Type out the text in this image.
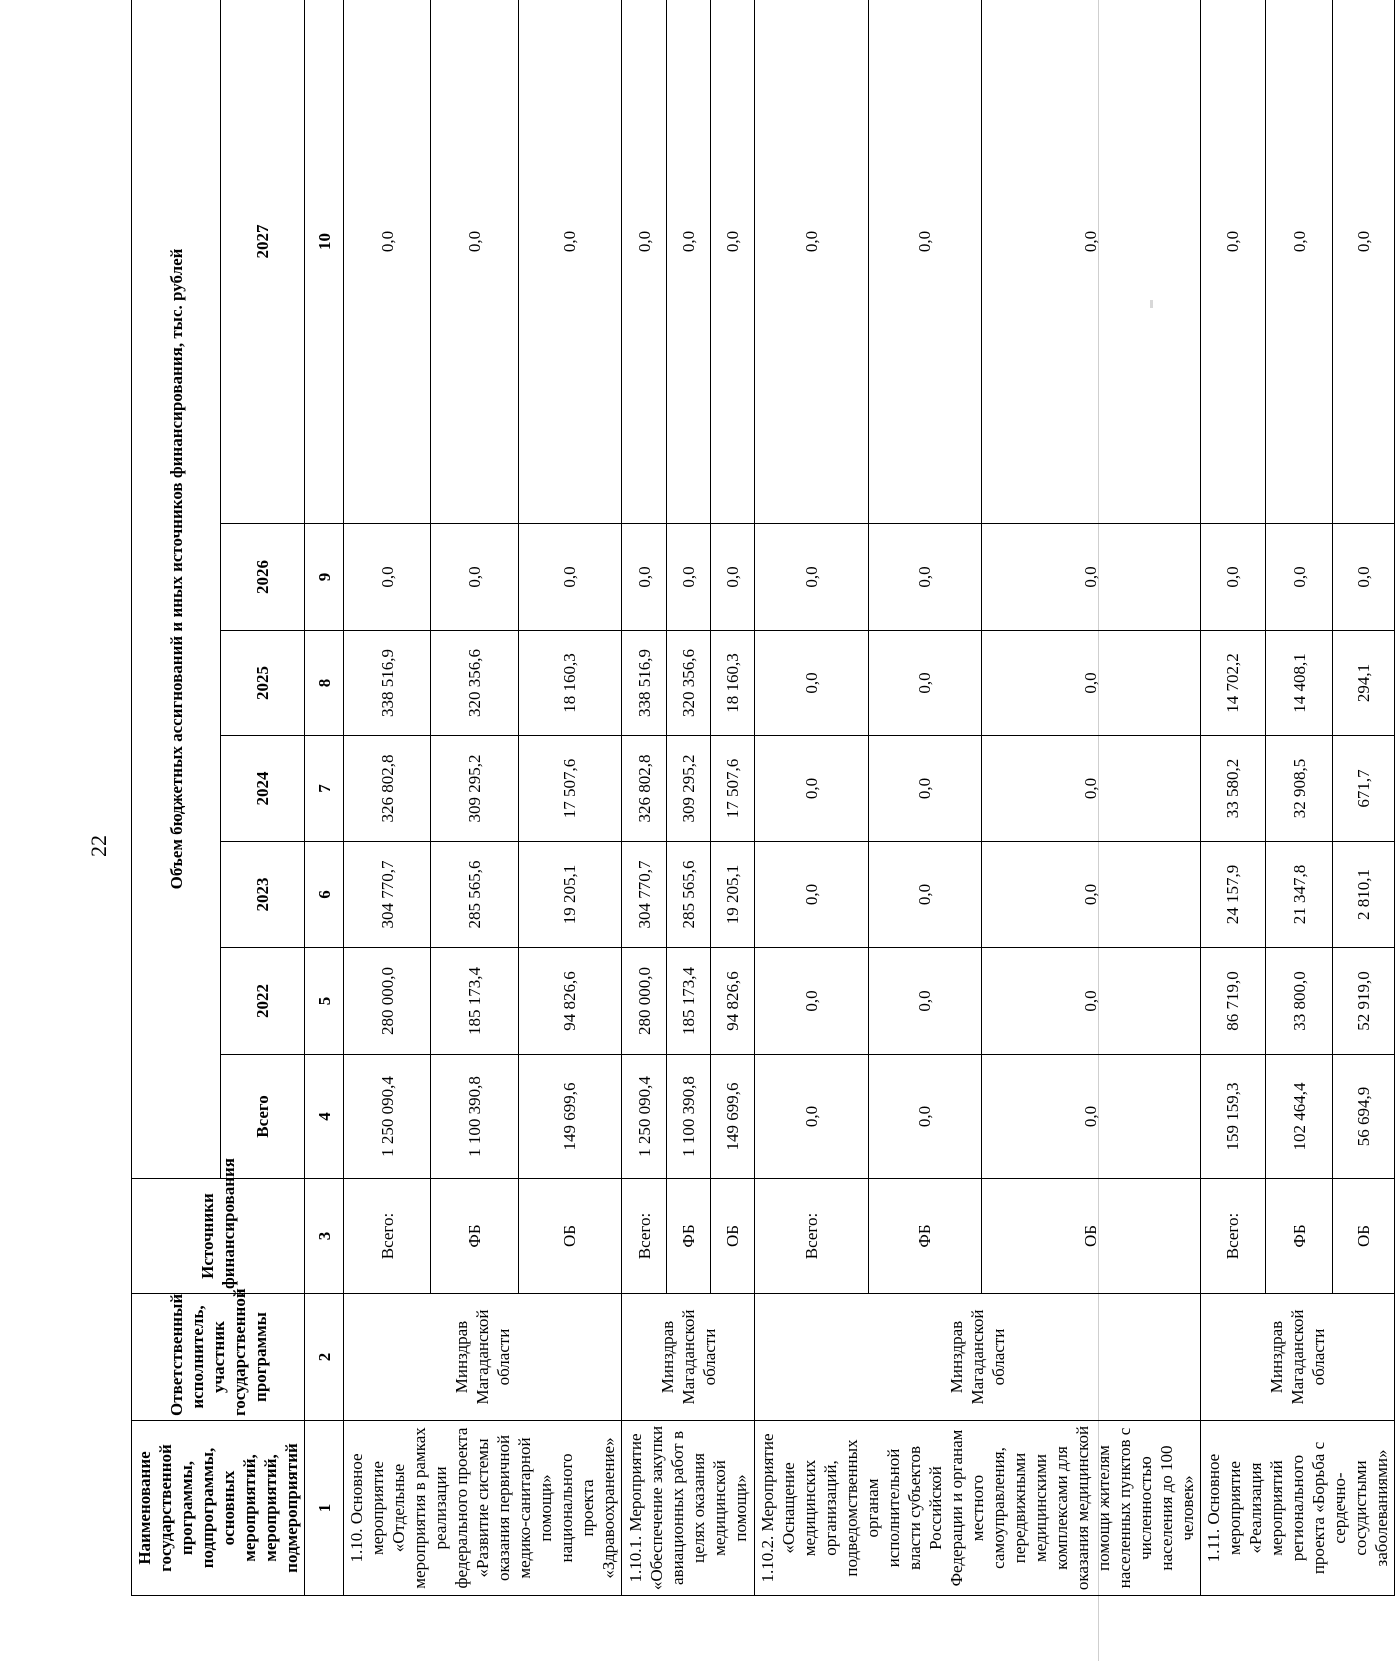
22
Наименование государственной программы, подпрограммы, основных мероприятий, мероприятий, подмероприятий	Ответственный исполнитель, участник государственной программы	Источники финансирования	Объем бюджетных ассигнований и иных источников финансирования, тыс. рублей						
			Всего	2022	2023	2024	2025	2026	2027
1	2	3	4	5	6	7	8	9	10
1.10. Основное мероприятие «Отдельные мероприятия в рамках реализации федерального проекта «Развитие системы оказания первичной медико-санитарной помощи» национального проекта «Здравоохранение»	Минздрав Магаданской области	Всего:	1 250 090,4	280 000,0	304 770,7	326 802,8	338 516,9	0,0	0,0
		ФБ	1 100 390,8	185 173,4	285 565,6	309 295,2	320 356,6	0,0	0,0
		ОБ	149 699,6	94 826,6	19 205,1	17 507,6	18 160,3	0,0	0,0
1.10.1. Мероприятие «Обеспечение закупки авиационных работ в целях оказания медицинской помощи»	Минздрав Магаданской области	Всего:	1 250 090,4	280 000,0	304 770,7	326 802,8	338 516,9	0,0	0,0
		ФБ	1 100 390,8	185 173,4	285 565,6	309 295,2	320 356,6	0,0	0,0
		ОБ	149 699,6	94 826,6	19 205,1	17 507,6	18 160,3	0,0	0,0
1.10.2. Мероприятие «Оснащение медицинских организаций, подведомственных органам исполнительной власти субъектов Российской Федерации и органам местного самоуправления, передвижными медицинскими комплексами для оказания медицинской помощи жителям населенных пунктов с численностью населения до 100 человек»	Минздрав Магаданской области	Всего:	0,0	0,0	0,0	0,0	0,0	0,0	0,0
		ФБ	0,0	0,0	0,0	0,0	0,0	0,0	0,0
		ОБ	0,0	0,0	0,0	0,0	0,0	0,0	0,0
1.11. Основное мероприятие «Реализация мероприятий регионального проекта «Борьба с сердечно-сосудистыми заболеваниями»	Минздрав Магаданской области	Всего:	159 159,3	86 719,0	24 157,9	33 580,2	14 702,2	0,0	0,0
		ФБ	102 464,4	33 800,0	21 347,8	32 908,5	14 408,1	0,0	0,0
		ОБ	56 694,9	52 919,0	2 810,1	671,7	294,1	0,0	0,0
